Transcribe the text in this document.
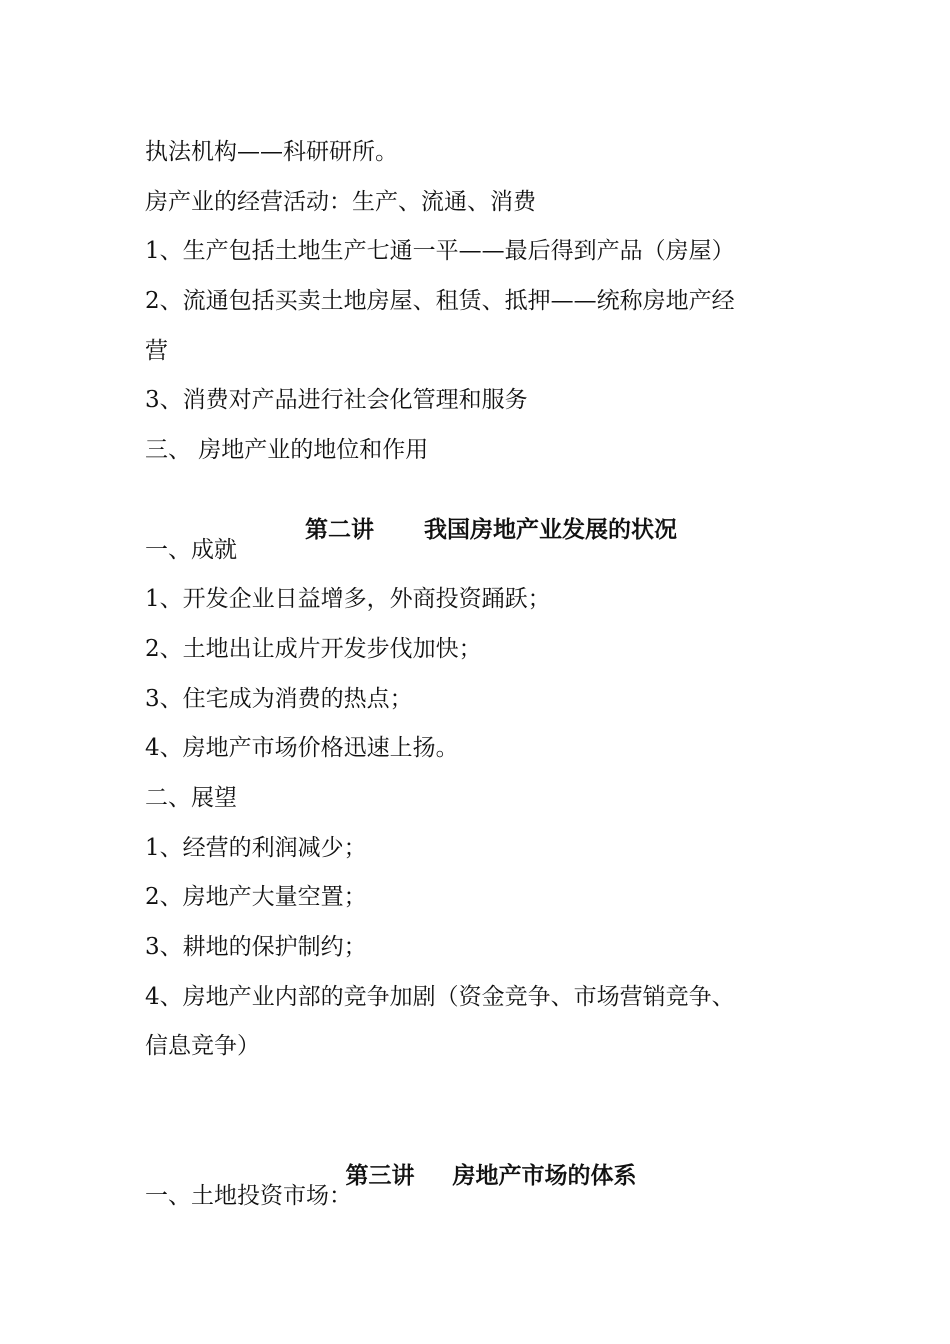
执法机构——科研研所。
房产业的经营活动：生产、流通、消费
1、生产包括土地生产七通一平——最后得到产品（房屋）
2、流通包括买卖土地房屋、租赁、抵押——统称房地产经
营
3、消费对产品进行社会化管理和服务
三、 房地产业的地位和作用

第二讲 我国房地产业发展的状况

一、成就
1、开发企业日益增多，外商投资踊跃；
2、土地出让成片开发步伐加快；
3、住宅成为消费的热点；
4、房地产市场价格迅速上扬。
二、展望
1、经营的利润减少；
2、房地产大量空置；
3、耕地的保护制约；
4、房地产业内部的竞争加剧（资金竞争、市场营销竞争、
信息竞争）

第三讲 房地产市场的体系

一、土地投资市场：
